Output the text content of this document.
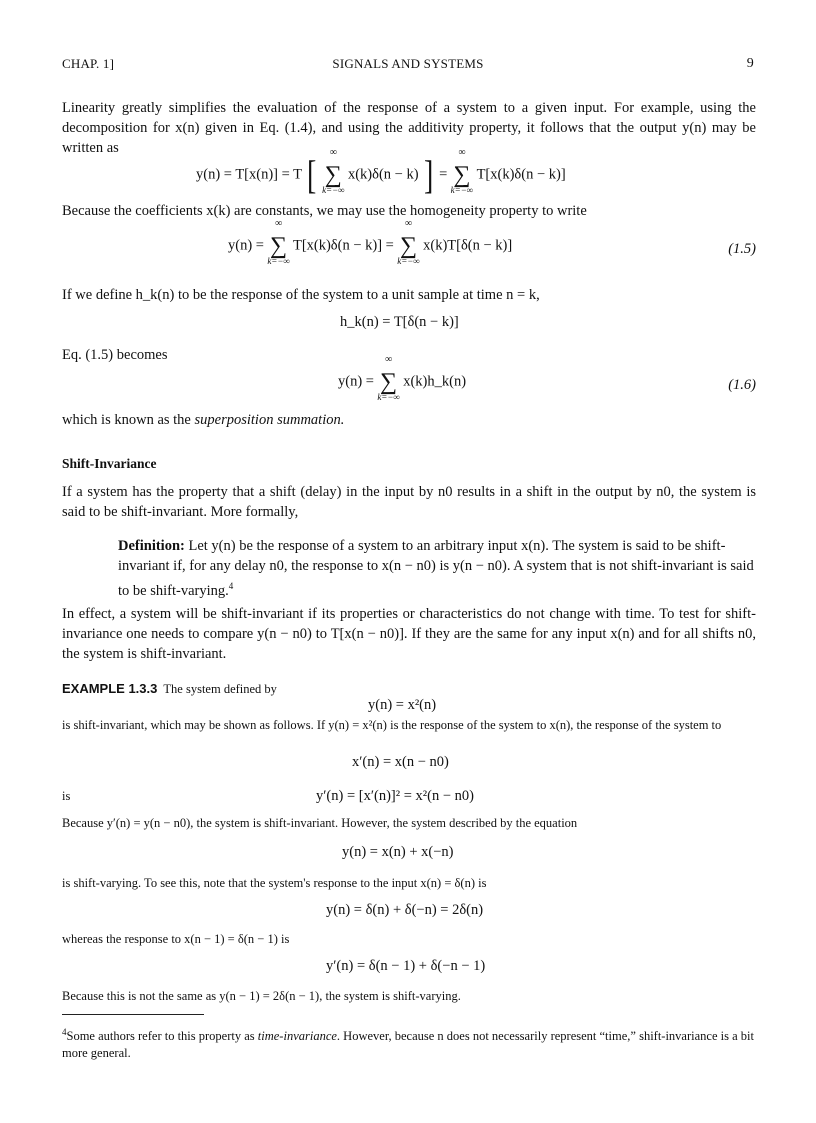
CHAP. 1]	SIGNALS AND SYSTEMS	9
Linearity greatly simplifies the evaluation of the response of a system to a given input. For example, using the decomposition for x(n) given in Eq. (1.4), and using the additivity property, it follows that the output y(n) may be written as
y(n) = T[x(n)] = T [	∞
∑
k=−∞
x(k)δ(n − k) ] =
∞
∑
k=−∞
T[x(k)δ(n − k)]
Because the coefficients x(k) are constants, we may use the homogeneity property to write
y(n) =
∞
∑
k=−∞
T[x(k)δ(n − k)] =
∞
∑
k=−∞
x(k)T[δ(n − k)]	(1.5)
If we define h_k(n) to be the response of the system to a unit sample at time n = k,
h_k(n) = T[δ(n − k)]
Eq. (1.5) becomes
y(n) =
∞
∑
k=−∞
x(k)h_k(n)	(1.6)
which is known as the superposition summation.
Shift-Invariance
If a system has the property that a shift (delay) in the input by n0 results in a shift in the output by n0, the system is said to be shift-invariant. More formally,
Definition: Let y(n) be the response of a system to an arbitrary input x(n). The system is said to be shift-invariant if, for any delay n0, the response to x(n − n0) is y(n − n0). A system that is not shift-invariant is said to be shift-varying.$^4$
In effect, a system will be shift-invariant if its properties or characteristics do not change with time. To test for shift-invariance one needs to compare y(n − n0) to T[x(n − n0)]. If they are the same for any input x(n) and for all shifts n0, the system is shift-invariant.
EXAMPLE 1.3.3 The system defined by
y(n) = x²(n)
is shift-invariant, which may be shown as follows. If y(n) = x²(n) is the response of the system to x(n), the response of the system to
x′(n) = x(n − n0)
is	y′(n) = [x′(n)]² = x²(n − n0)
Because y′(n) = y(n − n0), the system is shift-invariant. However, the system described by the equation
y(n) = x(n) + x(−n)
is shift-varying. To see this, note that the system's response to the input x(n) = δ(n) is
y(n) = δ(n) + δ(−n) = 2δ(n)
whereas the response to x(n − 1) = δ(n − 1) is
y′(n) = δ(n − 1) + δ(−n − 1)
Because this is not the same as y(n − 1) = 2δ(n − 1), the system is shift-varying.
$^4$Some authors refer to this property as time-invariance. However, because n does not necessarily represent “time,” shift-invariance is a bit more general.
